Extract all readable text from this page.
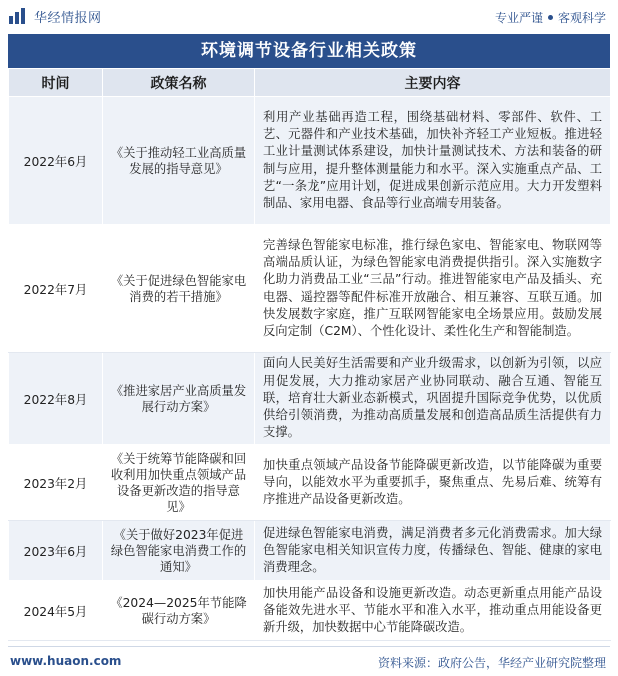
华经情报网	专业严谨 客观科学
环境调节设备行业相关政策
时间	政策名称	主要内容
2022年6月	《关于推动轻工业高质量发展的指导意见》	利用产业基础再造工程，围绕基础材料、零部件、软件、工艺、元器件和产业技术基础，加快补齐轻工产业短板。推进轻工业计量测试体系建设，加快计量测试技术、方法和装备的研制与应用，提升整体测量能力和水平。深入实施重点产品、工艺“一条龙”应用计划，促进成果创新示范应用。大力开发塑料制品、家用电器、食品等行业高端专用装备。
2022年7月	《关于促进绿色智能家电消费的若干措施》	完善绿色智能家电标准，推行绿色家电、智能家电、物联网等高端品质认证，为绿色智能家电消费提供指引。深入实施数字化助力消费品工业“三品”行动。推进智能家电产品及插头、充电器、遥控器等配件标准开放融合、相互兼容、互联互通。加快发展数字家庭，推广互联网智能家电全场景应用。鼓励发展反向定制（C2M）、个性化设计、柔性化生产和智能制造。
2022年8月	《推进家居产业高质量发展行动方案》	面向人民美好生活需要和产业升级需求，以创新为引领，以应用促发展，大力推动家居产业协同联动、融合互通、智能互联，培育壮大新业态新模式，巩固提升国际竞争优势，以优质供给引领消费，为推动高质量发展和创造高品质生活提供有力支撑。
2023年2月	《关于统筹节能降碳和回收利用加快重点领域产品设备更新改造的指导意见》	加快重点领域产品设备节能降碳更新改造，以节能降碳为重要导向，以能效水平为重要抓手，聚焦重点、先易后难、统筹有序推进产品设备更新改造。
2023年6月	《关于做好2023年促进绿色智能家电消费工作的通知》	促进绿色智能家电消费，满足消费者多元化消费需求。加大绿色智能家电相关知识宣传力度，传播绿色、智能、健康的家电消费理念。
2024年5月	《2024—2025年节能降碳行动方案》	加快用能产品设备和设施更新改造。动态更新重点用能产品设备能效先进水平、节能水平和准入水平，推动重点用能设备更新升级，加快数据中心节能降碳改造。
www.huaon.com	资料来源：政府公告，华经产业研究院整理
